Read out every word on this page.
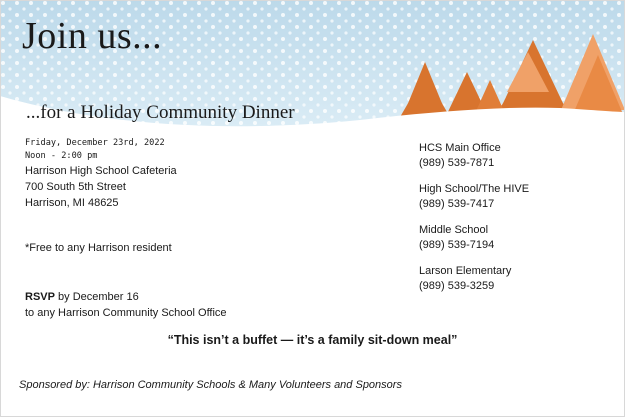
Join us...
...for a Holiday Community Dinner
Friday, December 23rd, 2022
Noon - 2:00 pm
Harrison High School Cafeteria
700 South 5th Street
Harrison, MI 48625
*Free to any Harrison resident
RSVP by December 16
to any Harrison Community School Office
HCS Main Office
(989) 539-7871
High School/The HIVE
(989) 539-7417
Middle School
(989) 539-7194
Larson Elementary
(989) 539-3259
“This isn’t a buffet — it’s a family sit-down meal”
Sponsored by: Harrison Community Schools & Many Volunteers and Sponsors
